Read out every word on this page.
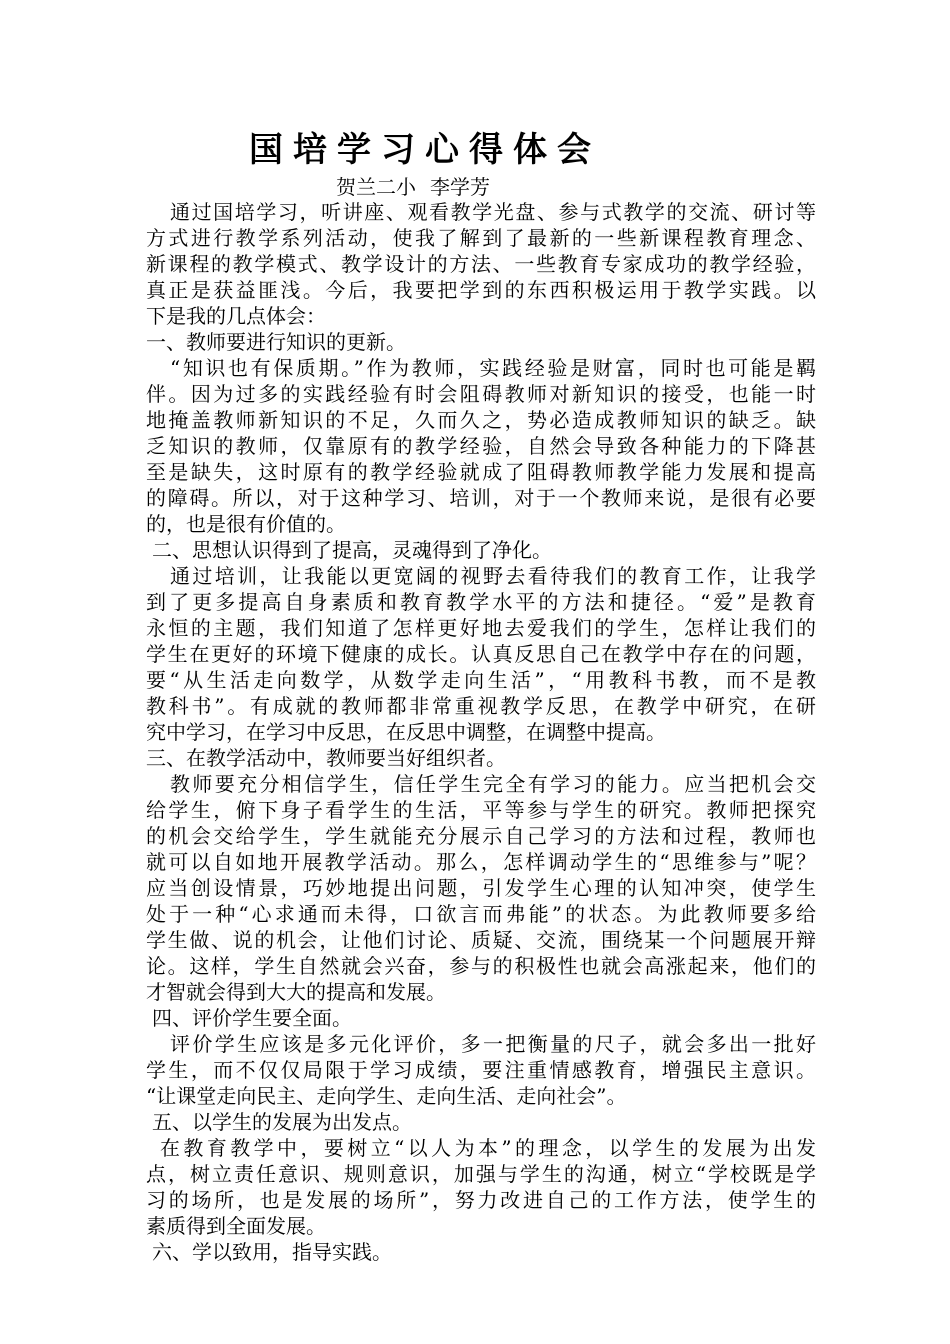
国培学习心得体会
贺兰二小 李学芳
通过国培学习，听讲座、观看教学光盘、参与式教学的交流、研讨等
方式进行教学系列活动，使我了解到了最新的一些新课程教育理念、
新课程的教学模式、教学设计的方法、一些教育专家成功的教学经验，
真正是获益匪浅。今后，我要把学到的东西积极运用于教学实践。以
下是我的几点体会：
一、教师要进行知识的更新。
“知识也有保质期。”作为教师，实践经验是财富，同时也可能是羁
伴。因为过多的实践经验有时会阻碍教师对新知识的接受，也能一时
地掩盖教师新知识的不足，久而久之，势必造成教师知识的缺乏。缺
乏知识的教师，仅靠原有的教学经验，自然会导致各种能力的下降甚
至是缺失，这时原有的教学经验就成了阻碍教师教学能力发展和提高
的障碍。所以，对于这种学习、培训，对于一个教师来说，是很有必要
的，也是很有价值的。
二、思想认识得到了提高，灵魂得到了净化。
通过培训，让我能以更宽阔的视野去看待我们的教育工作，让我学
到了更多提高自身素质和教育教学水平的方法和捷径。“爱”是教育
永恒的主题，我们知道了怎样更好地去爱我们的学生，怎样让我们的
学生在更好的环境下健康的成长。认真反思自己在教学中存在的问题，
要“从生活走向数学，从数学走向生活”，“用教科书教，而不是教
教科书”。有成就的教师都非常重视教学反思，在教学中研究，在研
究中学习，在学习中反思，在反思中调整，在调整中提高。
三、在教学活动中，教师要当好组织者。
教师要充分相信学生，信任学生完全有学习的能力。应当把机会交
给学生，俯下身子看学生的生活，平等参与学生的研究。教师把探究
的机会交给学生，学生就能充分展示自己学习的方法和过程，教师也
就可以自如地开展教学活动。那么，怎样调动学生的“思维参与”呢？
应当创设情景，巧妙地提出问题，引发学生心理的认知冲突，使学生
处于一种“心求通而未得，口欲言而弗能”的状态。为此教师要多给
学生做、说的机会，让他们讨论、质疑、交流，围绕某一个问题展开辩
论。这样，学生自然就会兴奋，参与的积极性也就会高涨起来，他们的
才智就会得到大大的提高和发展。
四、评价学生要全面。
评价学生应该是多元化评价，多一把衡量的尺子，就会多出一批好
学生，而不仅仅局限于学习成绩，要注重情感教育，增强民主意识。
“让课堂走向民主、走向学生、走向生活、走向社会”。
五、以学生的发展为出发点。
在教育教学中，要树立“以人为本”的理念，以学生的发展为出发
点，树立责任意识、规则意识，加强与学生的沟通，树立“学校既是学
习的场所，也是发展的场所”，努力改进自己的工作方法，使学生的
素质得到全面发展。
六、学以致用，指导实践。
